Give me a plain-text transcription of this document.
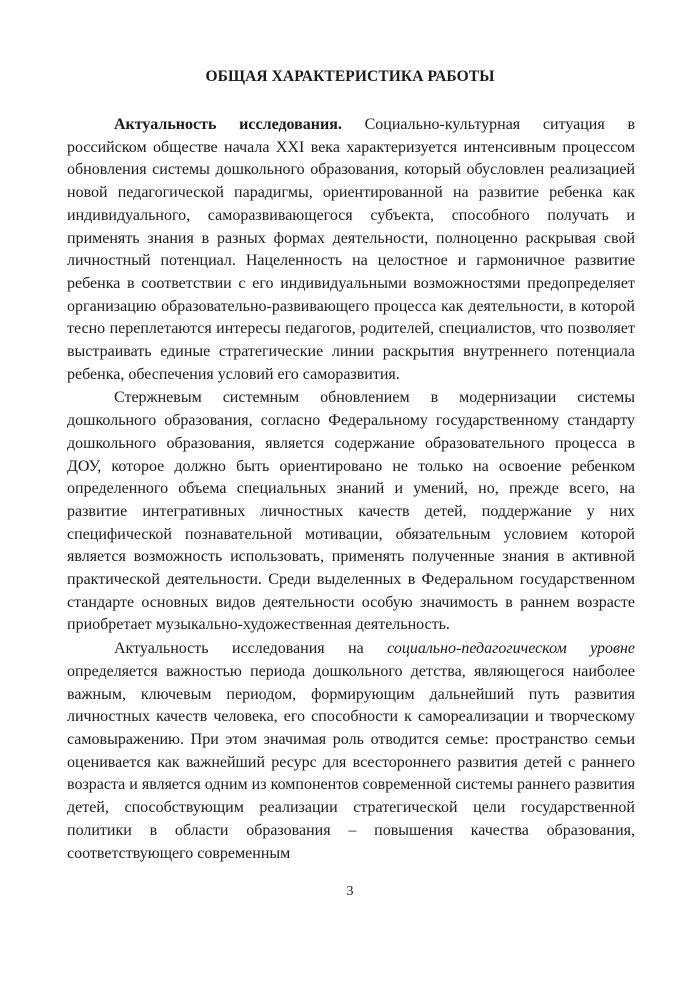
ОБЩАЯ ХАРАКТЕРИСТИКА РАБОТЫ

Актуальность исследования. Социально-культурная ситуация в российском обществе начала XXI века характеризуется интенсивным процессом обновления системы дошкольного образования, который обусловлен реализацией новой педагогической парадигмы, ориентированной на развитие ребенка как индивидуального, саморазвивающегося субъекта, способного получать и применять знания в разных формах деятельности, полноценно раскрывая свой личностный потенциал. Нацеленность на целостное и гармоничное развитие ребенка в соответствии с его индивидуальными возможностями предопределяет организацию образовательно-развивающего процесса как деятельности, в которой тесно переплетаются интересы педагогов, родителей, специалистов, что позволяет выстраивать единые стратегические линии раскрытия внутреннего потенциала ребенка, обеспечения условий его саморазвития.

Стержневым системным обновлением в модернизации системы дошкольного образования, согласно Федеральному государственному стандарту дошкольного образования, является содержание образовательного процесса в ДОУ, которое должно быть ориентировано не только на освоение ребенком определенного объема специальных знаний и умений, но, прежде всего, на развитие интегративных личностных качеств детей, поддержание у них специфической познавательной мотивации, обязательным условием которой является возможность использовать, применять полученные знания в активной практической деятельности. Среди выделенных в Федеральном государственном стандарте основных видов деятельности особую значимость в раннем возрасте приобретает музыкально-художественная деятельность.

Актуальность исследования на социально-педагогическом уровне определяется важностью периода дошкольного детства, являющегося наиболее важным, ключевым периодом, формирующим дальнейший путь развития личностных качеств человека, его способности к самореализации и творческому самовыражению. При этом значимая роль отводится семье: пространство семьи оценивается как важнейший ресурс для всестороннего развития детей с раннего возраста и является одним из компонентов современной системы раннего развития детей, способствующим реализации стратегической цели государственной политики в области образования – повышения качества образования, соответствующего современным

3
